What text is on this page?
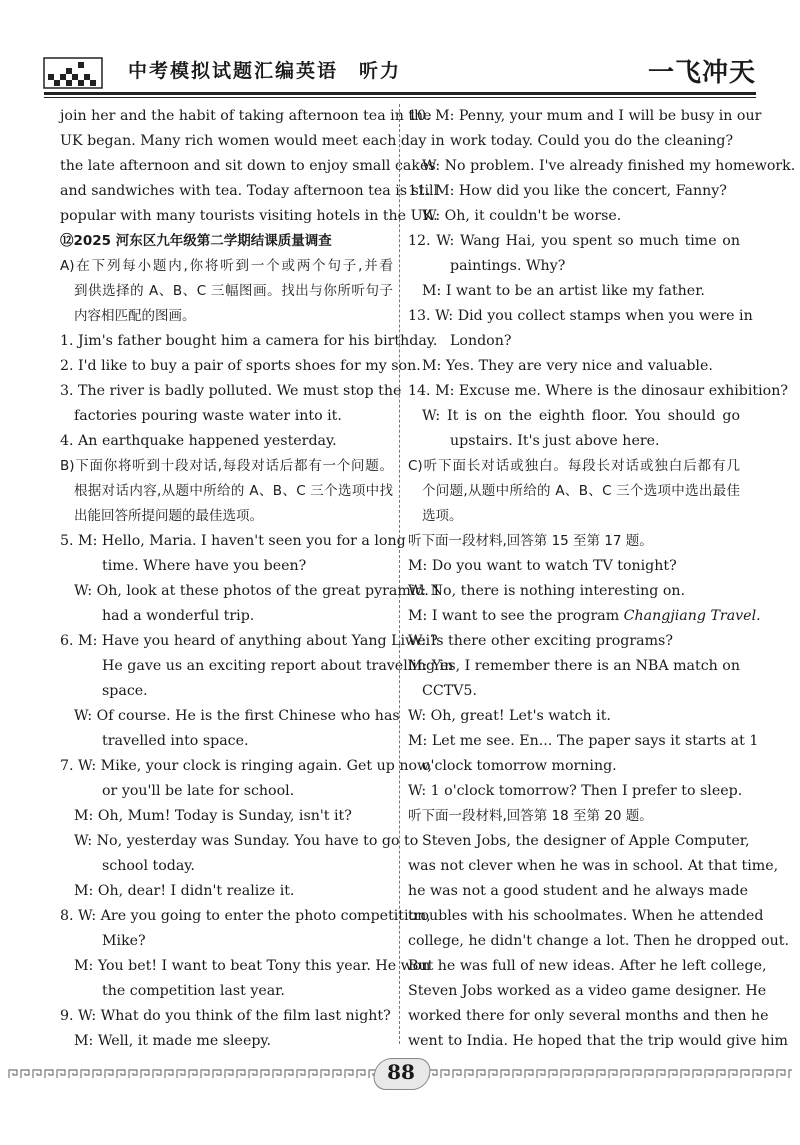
中考模拟试题汇编英语　听力	一飞冲天
join her and the habit of taking afternoon tea in the
UK began. Many rich women would meet each day in
the late afternoon and sit down to enjoy small cakes
and sandwiches with tea. Today afternoon tea is still
popular with many tourists visiting hotels in the UK.
⑫2025 河东区九年级第二学期结课质量调查
A)在下列每小题内,你将听到一个或两个句子,并看
到供选择的 A、B、C 三幅图画。找出与你所听句子
内容相匹配的图画。
1. Jim's father bought him a camera for his birthday.
2. I'd like to buy a pair of sports shoes for my son.
3. The river is badly polluted. We must stop the
factories pouring waste water into it.
4. An earthquake happened yesterday.
B)下面你将听到十段对话,每段对话后都有一个问题。
根据对话内容,从题中所给的 A、B、C 三个选项中找
出能回答所提问题的最佳选项。
5. M: Hello, Maria. I haven't seen you for a long
time. Where have you been?
W: Oh, look at these photos of the great pyramid. I
had a wonderful trip.
6. M: Have you heard of anything about Yang Liwei?
He gave us an exciting report about travelling in
space.
W: Of course. He is the first Chinese who has
travelled into space.
7. W: Mike, your clock is ringing again. Get up now,
or you'll be late for school.
M: Oh, Mum! Today is Sunday, isn't it?
W: No, yesterday was Sunday. You have to go to
school today.
M: Oh, dear! I didn't realize it.
8. W: Are you going to enter the photo competition,
Mike?
M: You bet! I want to beat Tony this year. He won
the competition last year.
9. W: What do you think of the film last night?
M: Well, it made me sleepy.
10. M: Penny, your mum and I will be busy in our
work today. Could you do the cleaning?
W: No problem. I've already finished my homework.
11. M: How did you like the concert, Fanny?
W: Oh, it couldn't be worse.
12. W: Wang Hai, you spent so much time on
paintings. Why?
M: I want to be an artist like my father.
13. W: Did you collect stamps when you were in
London?
M: Yes. They are very nice and valuable.
14. M: Excuse me. Where is the dinosaur exhibition?
W: It is on the eighth floor. You should go
upstairs. It's just above here.
C)听下面长对话或独白。每段长对话或独白后都有几
个问题,从题中所给的 A、B、C 三个选项中选出最佳
选项。
听下面一段材料,回答第 15 至第 17 题。
M: Do you want to watch TV tonight?
W: No, there is nothing interesting on.
M: I want to see the program Changjiang Travel.
W: Is there other exciting programs?
M: Yes, I remember there is an NBA match on
CCTV5.
W: Oh, great! Let's watch it.
M: Let me see. En... The paper says it starts at 1
o'clock tomorrow morning.
W: 1 o'clock tomorrow? Then I prefer to sleep.
听下面一段材料,回答第 18 至第 20 题。
Steven Jobs, the designer of Apple Computer,
was not clever when he was in school. At that time,
he was not a good student and he always made
troubles with his schoolmates. When he attended
college, he didn't change a lot. Then he dropped out.
But he was full of new ideas. After he left college,
Steven Jobs worked as a video game designer. He
worked there for only several months and then he
went to India. He hoped that the trip would give him
88
